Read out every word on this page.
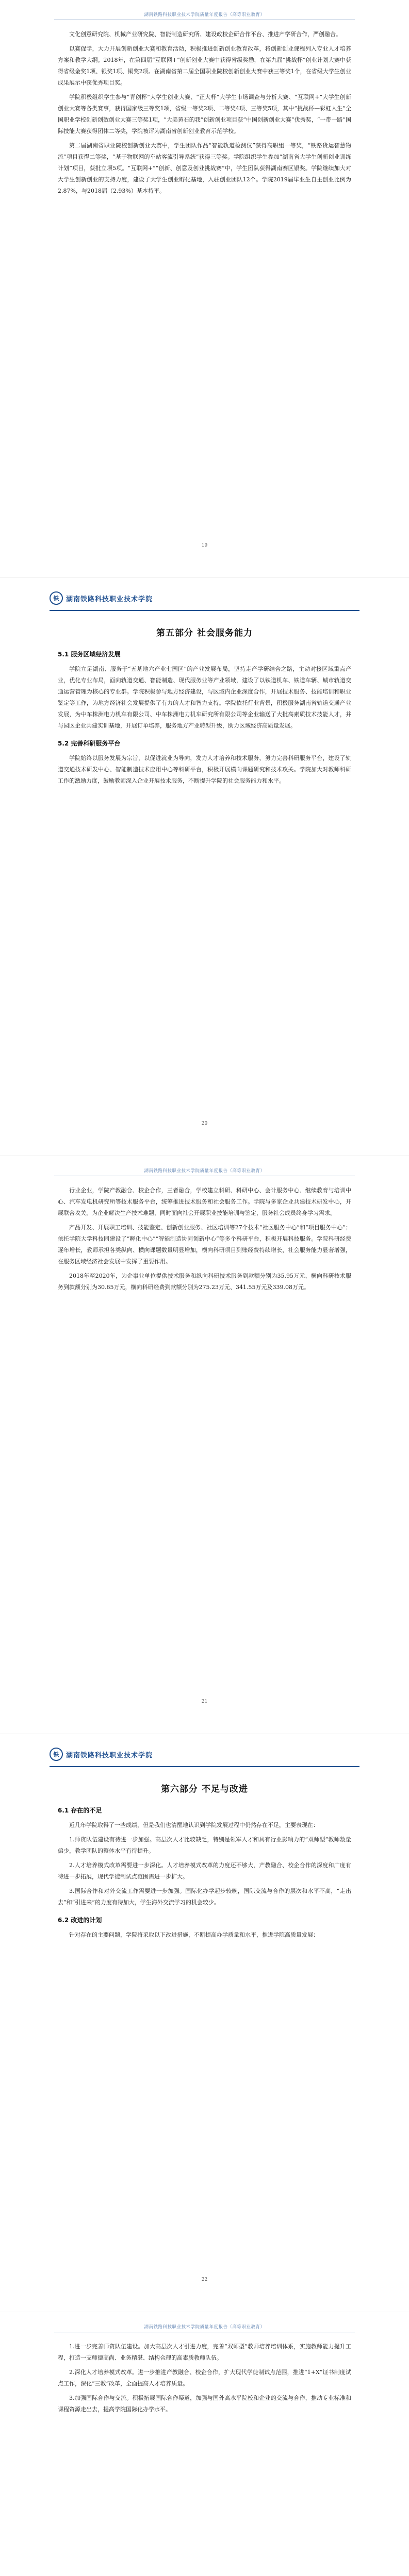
湖南铁路科技职业技术学院质量年度报告（高等职业教育）

文化创意研究院、机械产业研究院、智能制造研究所、建设政校企研合作平台、推进产学研合作，严创融合。

以赛促学，大力开展创新创业大赛和教育活动，积极推进创新创业教育改革，将创新创业课程列入专业人才培养方案和教学大纲。2018年，在第四届“互联网+”创新创业大赛中获得省级奖励，在第九届“挑战杯”创业计划大赛中获得省级金奖1项、银奖1项、铜奖2项。在湖南省第二届全国职业院校创新创业大赛中获三等奖1个，在省级大学生创业成果展示中获优秀项目奖。

学院积极组织学生参与“青创杯”大学生创业大赛、“正大杯”大学生市场调查与分析大赛、“互联网+”大学生创新创业大赛等各类赛事，获得国家级三等奖1项，省级一等奖2项、二等奖4项、三等奖5项，其中“挑战杯—彩虹人生”全国职业学校创新创效创业大赛三等奖1项，“大美黄石的我”创新创业项目获“中国创新创业大赛”优秀奖，“一带一路”国际技能大赛获得团体二等奖，学院被评为湖南省创新创业教育示范学校。

第二届湖南省职业院校创新创业大赛中，学生团队作品“智能轨道检测仪”获得高职组一等奖，“铁路货运智慧物流”项目获得二等奖，“基于物联网的车站客流引导系统”获得三等奖。学院组织学生参加“湖南省大学生创新创业训练计划”项目，获批立项5项。“互联网+”“创新、创意及创业挑战赛”中，学生团队获得湖南赛区银奖。学院继续加大对大学生创新创业的支持力度，建设了大学生创业孵化基地，入驻创业团队12个。学院2019届毕业生自主创业比例为2.87%，与2018届（2.93%）基本持平。

19
铁	湖南铁路科技职业技术学院
第五部分 社会服务能力
5.1 服务区域经济发展

学院立足湖南、服务于“五基地六产业七园区”的产业发展布局，坚持走产学研结合之路，主动对接区域重点产业，优化专业布局，面向轨道交通、智能制造、现代服务业等产业领域，建设了以铁道机车、铁道车辆、城市轨道交通运营管理为核心的专业群。学院积极参与地方经济建设，与区域内企业深度合作，开展技术服务、技能培训和职业鉴定等工作，为地方经济社会发展提供了有力的人才和智力支持。学院依托行业背景，积极服务湖南省轨道交通产业发展，为中车株洲电力机车有限公司、中车株洲电力机车研究所有限公司等企业输送了大批高素质技术技能人才，并与园区企业共建实训基地，开展订单培养，服务地方产业转型升级，助力区域经济高质量发展。

5.2 完善科研服务平台

学院始终以服务发展为宗旨，以促进就业为导向，发力人才培养和技术服务，努力完善科研服务平台，建设了轨道交通技术研发中心、智能制造技术应用中心等科研平台，积极开展横向课题研究和技术攻关。学院加大对教师科研工作的激励力度，鼓励教师深入企业开展技术服务，不断提升学院的社会服务能力和水平。

20
湖南铁路科技职业技术学院质量年度报告（高等职业教育）

行业企业，学院产教融合、校企合作，三者融合，学校建立科研、科研中心、会计服务中心、继续教育与培训中心、汽车发电机研究所等技术服务平台，统筹推进技术服务和社会服务工作。学院与多家企业共建技术研发中心，开展联合攻关，为企业解决生产技术难题，同时面向社会开展职业技能培训与鉴定，服务社会成员终身学习需求。

产品开发、开展职工培训、技能鉴定、创新创业服务、社区培训等27个技术“社区服务中心”和“项目服务中心”；依托学院大学科技园建设了“孵化中心”“智能制造协同创新中心”等多个科研平台，积极开展科技服务。学院科研经费逐年增长，教师承担各类纵向、横向课题数量明显增加，横向科研项目到账经费持续增长，社会服务能力显著增强，在服务区域经济社会发展中发挥了重要作用。

2018年至2020年，为企事业单位提供技术服务和纵向科研技术服务到款额分别为35.95万元、横向科研技术服务到款额分别为30.65万元，横向科研经费到款额分别为275.23万元、341.55万元及339.08万元。

21
铁	湖南铁路科技职业技术学院
第六部分 不足与改进
6.1 存在的不足

近几年学院取得了一些成绩，但是我们也清醒地认识到学院发展过程中仍然存在不足，主要表现在：

1.师资队伍建设有待进一步加强。高层次人才比较缺乏，特别是领军人才和具有行业影响力的“双师型”教师数量偏少，教学团队的整体水平有待提升。

2.人才培养模式改革需要进一步深化。人才培养模式改革的力度还不够大，产教融合、校企合作的深度和广度有待进一步拓展，现代学徒制试点范围需进一步扩大。

3.国际合作和对外交流工作需要进一步加强。国际化办学起步较晚，国际交流与合作的层次和水平不高，“走出去”和“引进来”的力度有待加大，学生海外交流学习的机会较少。

6.2 改进的计划

针对存在的主要问题，学院将采取以下改进措施，不断提高办学质量和水平，推进学院高质量发展：

22
湖南铁路科技职业技术学院质量年度报告（高等职业教育）

1.进一步完善师资队伍建设。加大高层次人才引进力度，完善“双师型”教师培养培训体系，实施教师能力提升工程，打造一支师德高尚、业务精湛、结构合理的高素质教师队伍。

2.深化人才培养模式改革。进一步推进产教融合、校企合作，扩大现代学徒制试点范围，推进“1+X”证书制度试点工作，深化“三教”改革，全面提高人才培养质量。

3.加强国际合作与交流。积极拓展国际合作渠道，加强与国外高水平院校和企业的交流与合作，推动专业标准和课程资源走出去，提高学院国际化办学水平。
